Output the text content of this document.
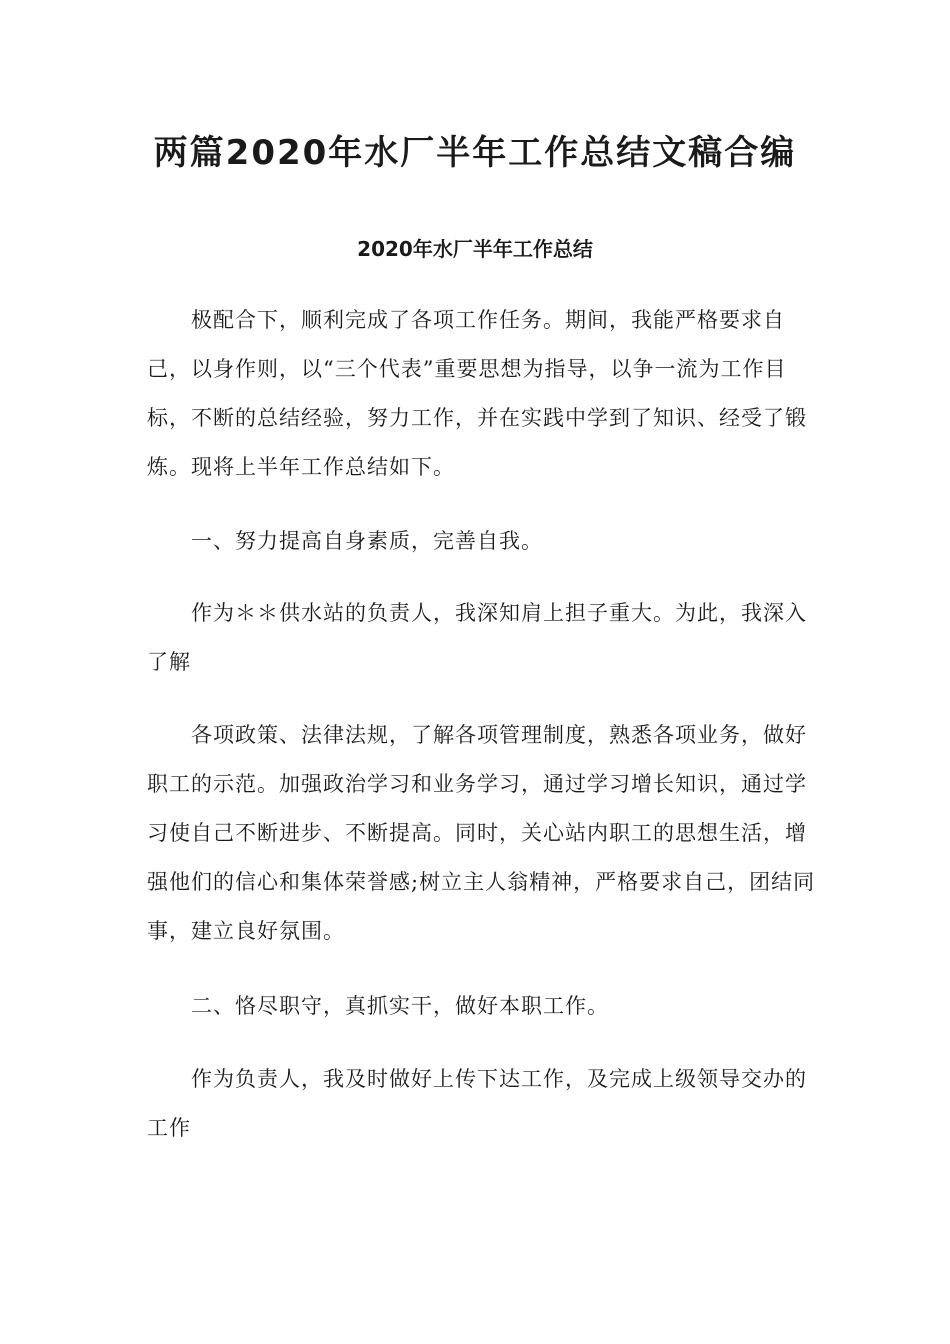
两篇2020年水厂半年工作总结文稿合编
2020年水厂半年工作总结

极配合下，顺利完成了各项工作任务。期间，我能严格要求自己，以身作则，以“三个代表”重要思想为指导，以争一流为工作目标，不断的总结经验，努力工作，并在实践中学到了知识、经受了锻炼。现将上半年工作总结如下。

一、努力提高自身素质，完善自我。

作为＊＊供水站的负责人，我深知肩上担子重大。为此，我深入了解

各项政策、法律法规，了解各项管理制度，熟悉各项业务，做好职工的示范。加强政治学习和业务学习，通过学习增长知识，通过学习使自己不断进步、不断提高。同时，关心站内职工的思想生活，增强他们的信心和集体荣誉感;树立主人翁精神，严格要求自己，团结同事，建立良好氛围。

二、恪尽职守，真抓实干，做好本职工作。

作为负责人，我及时做好上传下达工作，及完成上级领导交办的工作
